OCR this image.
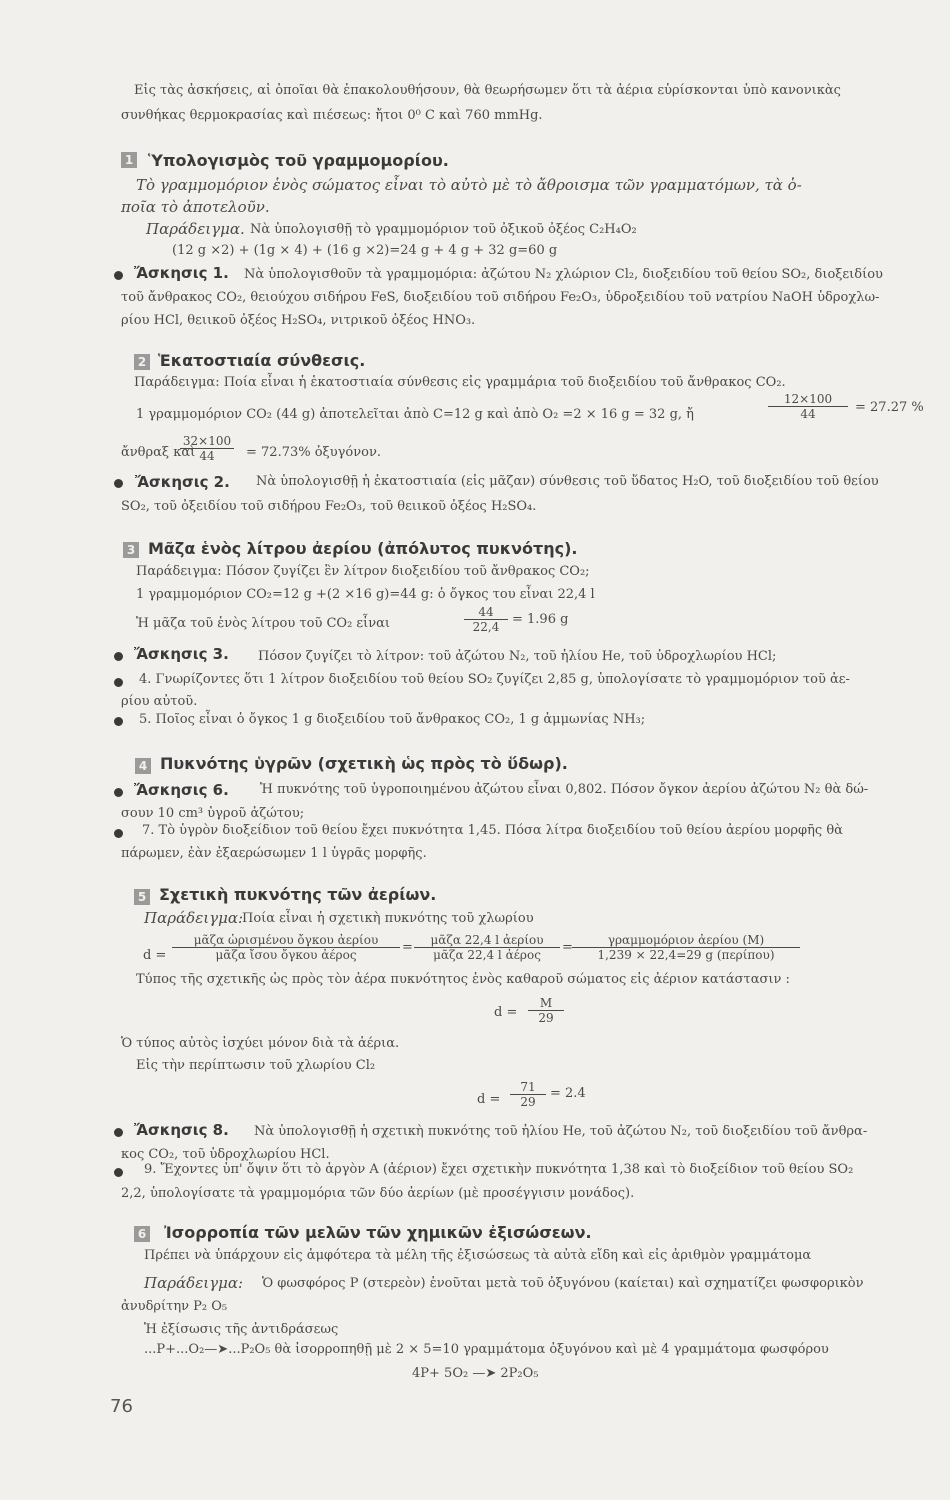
Εἰς τὰς ἀσκήσεις, αἱ ὁποῖαι θὰ ἐπακολουθήσουν, θὰ θεωρήσωμεν ὅτι τὰ ἀέρια εὑρίσκονται ὑπὸ κανονικὰς
συνθήκας θερμοκρασίας καὶ πιέσεως: ἤτοι 0⁰ C καὶ 760 mmHg.
1 Ὑπολογισμὸς τοῦ γραμμομορίου.
Τὸ γραμμομόριον ἑνὸς σώματος εἶναι τὸ αὐτὸ μὲ τὸ ἄθροισμα τῶν γραμματόμων, τὰ ὁ-
ποῖα τὸ ἀποτελοῦν.
Παράδειγμα. Νὰ ὑπολογισθῇ τὸ γραμμομόριον τοῦ ὀξικοῦ ὀξέος C₂H₄O₂
(12 g ×2) + (1g × 4) + (16 g ×2)=24 g + 4 g + 32 g=60 g
Ἄσκησις 1. Νὰ ὑπολογισθοῦν τὰ γραμμομόρια: ἀζώτου N₂ χλώριον Cl₂, διοξειδίου τοῦ θείου SO₂, διοξειδίου
τοῦ ἄνθρακος CO₂, θειούχου σιδήρου FeS, διοξειδίου τοῦ σιδήρου Fe₂O₃, ὑδροξειδίου τοῦ νατρίου NaOH ὑδροχλω-
ρίου HCl, θειικοῦ ὀξέος H₂SO₄, νιτρικοῦ ὀξέος HNO₃.
2 Ἑκατοστιαία σύνθεσις.
Παράδειγμα: Ποία εἶναι ἡ ἑκατοστιαία σύνθεσις εἰς γραμμάρια τοῦ διοξειδίου τοῦ ἄνθρακος CO₂.
1 γραμμομόριον CO₂ (44 g) ἀποτελεῖται ἀπὸ C=12 g καὶ ἀπὸ O₂ =2 × 16 g = 32 g, ἤ	$\frac{12\times 100}{44} = 27.27$ %
ἄνθραξ καὶ
$\frac{32\times 100}{44} = 72.73\%$ ὀξυγόνον.
Ἄσκησις 2. Νὰ ὑπολογισθῇ ἡ ἑκατοστιαία (εἰς μᾶζαν) σύνθεσις τοῦ ὕδατος H₂O, τοῦ διοξειδίου τοῦ θείου
SO₂, τοῦ ὀξειδίου τοῦ σιδήρου Fe₂O₃, τοῦ θειικοῦ ὀξέος H₂SO₄.
3 Μᾶζα ἑνὸς λίτρου ἀερίου (ἀπόλυτος πυκνότης).
Παράδειγμα: Πόσον ζυγίζει ἓν λίτρον διοξειδίου τοῦ ἄνθρακος CO₂;
1 γραμμομόριον CO₂=12 g +(2 ×16 g)=44 g: ὁ ὄγκος του εἶναι 22,4 l
Ἡ μᾶζα τοῦ ἑνὸς λίτρου τοῦ CO₂ εἶναι	$\frac{44}{22,4} = 1.96$ g
Ἄσκησις 3. Πόσον ζυγίζει τὸ λίτρον: τοῦ ἀζώτου N₂, τοῦ ἡλίου He, τοῦ ὑδροχλωρίου HCl;
4. Γνωρίζοντες ὅτι 1 λίτρον διοξειδίου τοῦ θείου SO₂ ζυγίζει 2,85 g, ὑπολογίσατε τὸ γραμμομόριον τοῦ ἀε-
ρίου αὐτοῦ.
5. Ποῖος εἶναι ὁ ὄγκος 1 g διοξειδίου τοῦ ἄνθρακος CO₂, 1 g ἀμμωνίας NH₃;
4 Πυκνότης ὑγρῶν (σχετικὴ ὡς πρὸς τὸ ὕδωρ).
Ἄσκησις 6. Ἡ πυκνότης τοῦ ὑγροποιημένου ἀζώτου εἶναι 0,802. Πόσον ὄγκον ἀερίου ἀζώτου N₂ θὰ δώ-
σουν 10 cm³ ὑγροῦ ἀζώτου;
7. Τὸ ὑγρὸν διοξείδιον τοῦ θείου ἔχει πυκνότητα 1,45. Πόσα λίτρα διοξειδίου τοῦ θείου ἀερίου μορφῆς θὰ
πάρωμεν, ἐὰν ἐξαερώσωμεν 1 l ὑγρᾶς μορφῆς.
5 Σχετικὴ πυκνότης τῶν ἀερίων.
Παράδειγμα:
Ποία εἶναι ἡ σχετικὴ πυκνότης τοῦ χλωρίου
d =
μᾶζα ὡρισμένου ὄγκου ἀερίου
μᾶζα ἴσου ὄγκου ἀέρος	=	μᾶζα 22,4 l ἀερίου
μᾶζα 22,4 l ἀέρος	=	γραμμομόριον ἀερίου (M)
1,239 × 22,4=29 g (περίπου)
Τύπος τῆς σχετικῆς ὡς πρὸς τὸν ἀέρα πυκνότητος ἑνὸς καθαροῦ σώματος εἰς ἀέριον κατάστασιν :
$d = \frac{M}{29}$
Ὁ τύπος αὐτὸς ἰσχύει μόνον διὰ τὰ ἀέρια.
Εἰς τὴν περίπτωσιν τοῦ χλωρίου Cl₂
$d = \frac{71}{29} = 2.4$
Ἄσκησις 8. Νὰ ὑπολογισθῇ ἡ σχετικὴ πυκνότης τοῦ ἡλίου He, τοῦ ἀζώτου N₂, τοῦ διοξειδίου τοῦ ἄνθρα-
κος CO₂, τοῦ ὑδροχλωρίου HCl.
9. Ἔχοντες ὑπ' ὄψιν ὅτι τὸ ἀργὸν A (ἀέριον) ἔχει σχετικὴν πυκνότητα 1,38 καὶ τὸ διοξείδιον τοῦ θείου SO₂
2,2, ὑπολογίσατε τὰ γραμμομόρια τῶν δύο ἀερίων (μὲ προσέγγισιν μονάδος).
6 Ἰσορροπία τῶν μελῶν τῶν χημικῶν ἐξισώσεων.
Πρέπει νὰ ὑπάρχουν εἰς ἀμφότερα τὰ μέλη τῆς ἐξισώσεως τὰ αὐτὰ εἴδη καὶ εἰς ἀριθμὸν γραμμάτομα
Παράδειγμα: Ὁ φωσφόρος P (στερεὸν) ἑνοῦται μετὰ τοῦ ὀξυγόνου (καίεται) καὶ σχηματίζει φωσφορικὸν
ἀνυδρίτην P₂ O₅
Ἡ ἐξίσωσις τῆς ἀντιδράσεως
...P+...O₂—➤...P₂O₅ θὰ ἰσορροπηθῇ μὲ 2 × 5=10 γραμμάτομα ὀξυγόνου καὶ μὲ 4 γραμμάτομα φωσφόρου
4P+ 5O₂ —➤ 2P₂O₅
76
